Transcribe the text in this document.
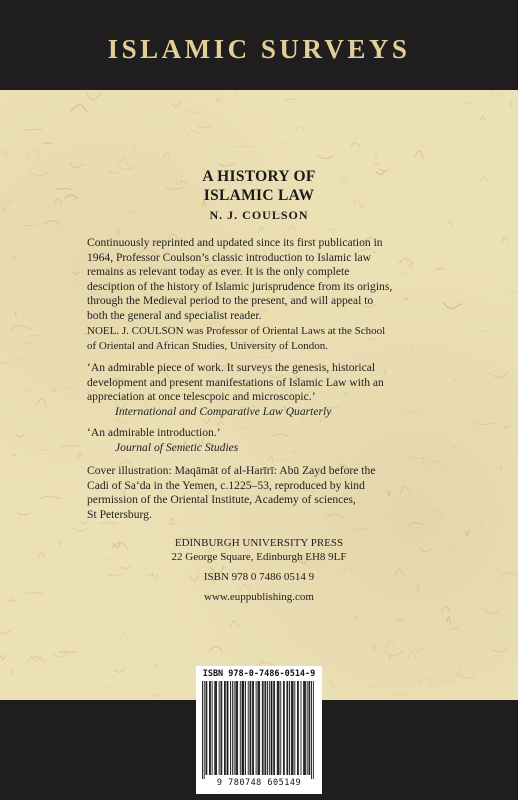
ISLAMIC SURVEYS
A HISTORY OF
ISLAMIC LAW
N. J. COULSON
Continuously reprinted and updated since its first publication in
1964, Professor Coulson’s classic introduction to Islamic law
remains as relevant today as ever. It is the only complete
desciption of the history of Islamic jurisprudence from its origins,
through the Medieval period to the present, and will appeal to
both the general and specialist reader.
NOEL. J. COULSON was Professor of Oriental Laws at the School
of Oriental and African Studies, University of London.
‘An admirable piece of work. It surveys the genesis, historical
development and present manifestations of Islamic Law with an
appreciation at once telescpoic and microscopic.’
International and Comparative Law Quarterly
‘An admirable introduction.’
Journal of Semetic Studies
Cover illustration: Maqāmāt of al-Harīrī: Abū Zayd before the
Cadi of Sa‘da in the Yemen, c.1225–53, reproduced by kind
permission of the Oriental Institute, Academy of sciences,
St Petersburg.
EDINBURGH UNIVERSITY PRESS
22 George Square, Edinburgh EH8 9LF
ISBN 978 0 7486 0514 9
www.euppublishing.com
ISBN 978-0-7486-0514-9
9 780748 605149
